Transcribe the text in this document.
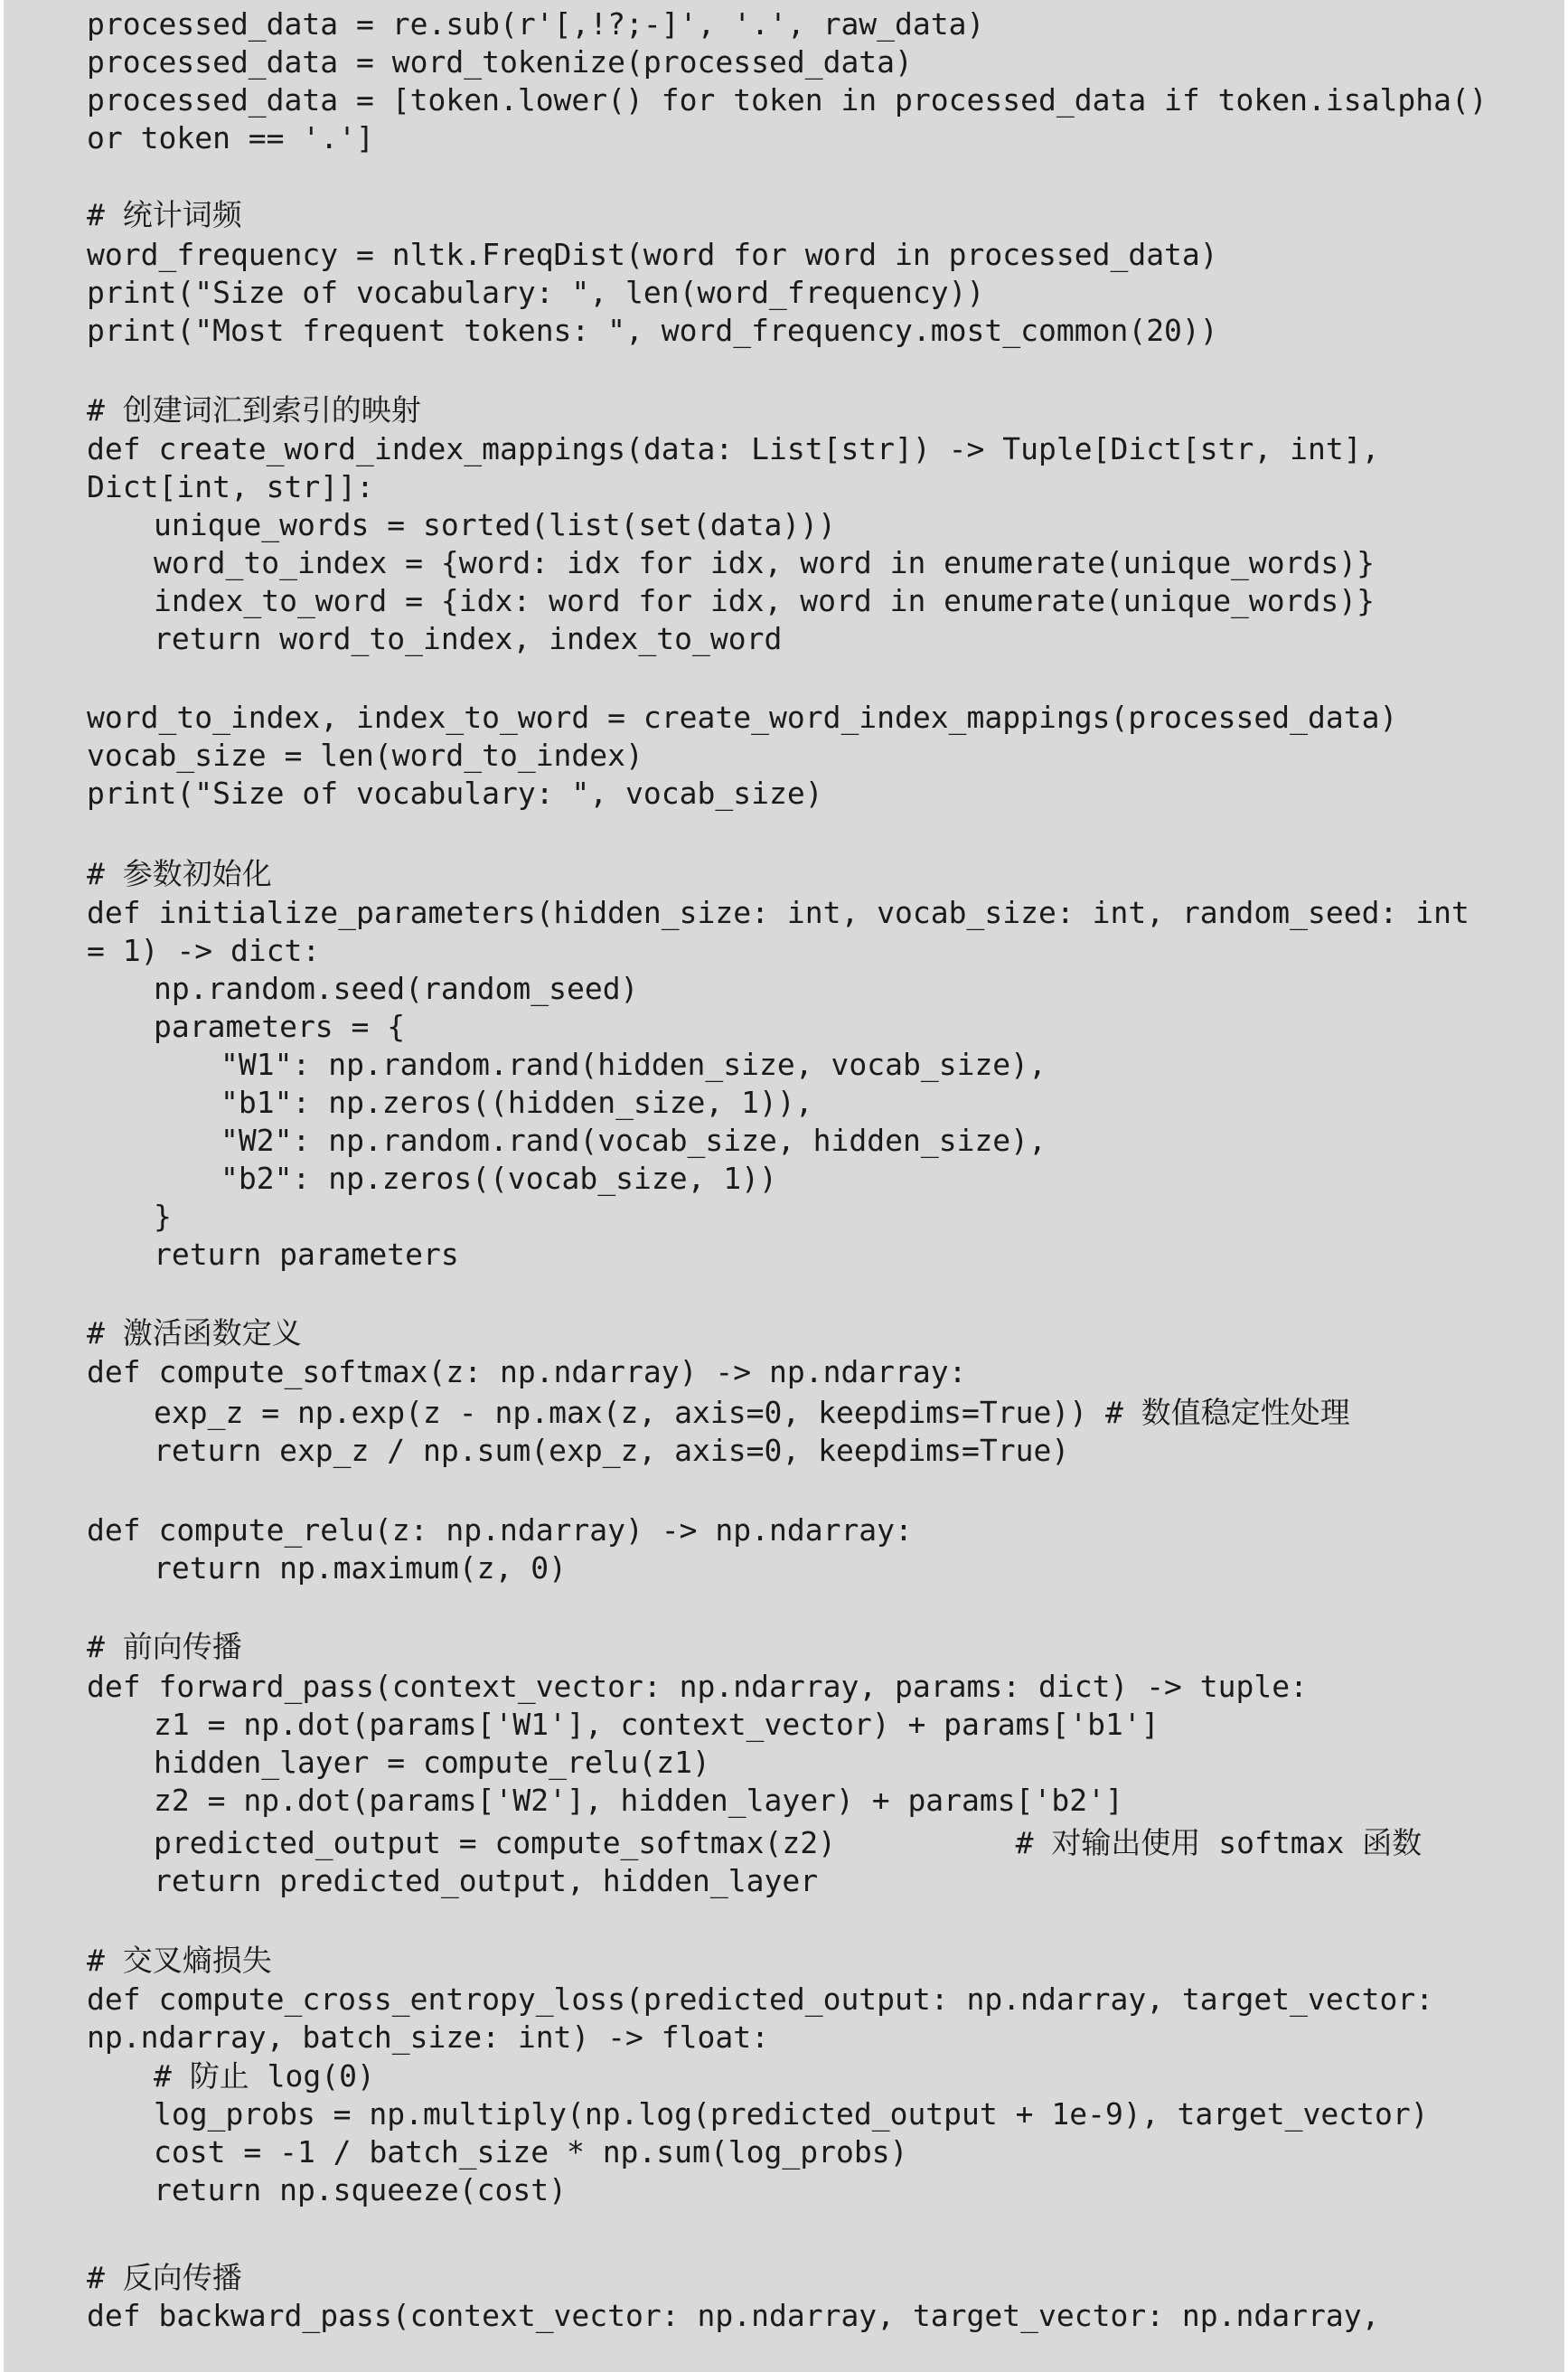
processed_data = re.sub(r'[,!?;-]', '.', raw_data)
processed_data = word_tokenize(processed_data)
processed_data = [token.lower() for token in processed_data if token.isalpha()
or token == '.']
# 统计词频
word_frequency = nltk.FreqDist(word for word in processed_data)
print("Size of vocabulary: ", len(word_frequency))
print("Most frequent tokens: ", word_frequency.most_common(20))
# 创建词汇到索引的映射
def create_word_index_mappings(data: List[str]) -> Tuple[Dict[str, int],
Dict[int, str]]:
unique_words = sorted(list(set(data)))
word_to_index = {word: idx for idx, word in enumerate(unique_words)}
index_to_word = {idx: word for idx, word in enumerate(unique_words)}
return word_to_index, index_to_word
word_to_index, index_to_word = create_word_index_mappings(processed_data)
vocab_size = len(word_to_index)
print("Size of vocabulary: ", vocab_size)
# 参数初始化
def initialize_parameters(hidden_size: int, vocab_size: int, random_seed: int
= 1) -> dict:
np.random.seed(random_seed)
parameters = {
"W1": np.random.rand(hidden_size, vocab_size),
"b1": np.zeros((hidden_size, 1)),
"W2": np.random.rand(vocab_size, hidden_size),
"b2": np.zeros((vocab_size, 1))
}
return parameters
# 激活函数定义
def compute_softmax(z: np.ndarray) -> np.ndarray:
exp_z = np.exp(z - np.max(z, axis=0, keepdims=True)) # 数值稳定性处理
return exp_z / np.sum(exp_z, axis=0, keepdims=True)
def compute_relu(z: np.ndarray) -> np.ndarray:
return np.maximum(z, 0)
# 前向传播
def forward_pass(context_vector: np.ndarray, params: dict) -> tuple:
z1 = np.dot(params['W1'], context_vector) + params['b1']
hidden_layer = compute_relu(z1)
z2 = np.dot(params['W2'], hidden_layer) + params['b2']
predicted_output = compute_softmax(z2)          # 对输出使用 softmax 函数
return predicted_output, hidden_layer
# 交叉熵损失
def compute_cross_entropy_loss(predicted_output: np.ndarray, target_vector:
np.ndarray, batch_size: int) -> float:
# 防止 log(0)
log_probs = np.multiply(np.log(predicted_output + 1e-9), target_vector)
cost = -1 / batch_size * np.sum(log_probs)
return np.squeeze(cost)
# 反向传播
def backward_pass(context_vector: np.ndarray, target_vector: np.ndarray,
